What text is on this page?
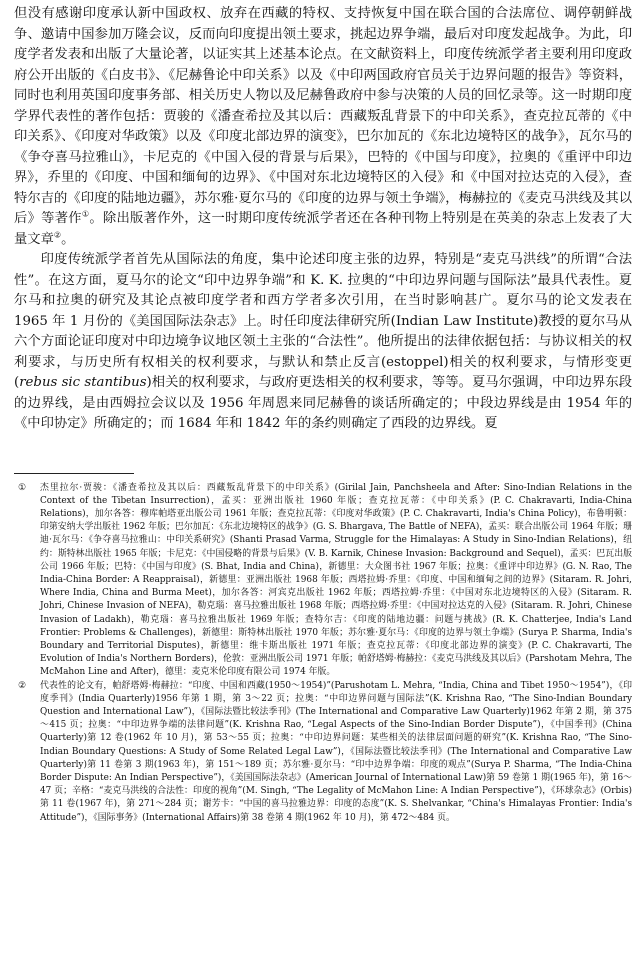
但没有感谢印度承认新中国政权、放弃在西藏的特权、支持恢复中国在联合国的合法席位、调停朝鲜战争、邀请中国参加万隆会议，反而向印度提出领土要求，挑起边界争端，最后对印度发起战争。为此，印度学者发表和出版了大量论著，以证实其上述基本论点。在文献资料上，印度传统派学者主要利用印度政府公开出版的《白皮书》、《尼赫鲁论中印关系》以及《中印两国政府官员关于边界问题的报告》等资料，同时也利用英国印度事务部、相关历史人物以及尼赫鲁政府中参与决策的人员的回忆录等。这一时期印度学界代表性的著作包括：贾骏的《潘查希拉及其以后：西藏叛乱背景下的中印关系》，查克拉瓦蒂的《中印关系》、《印度对华政策》以及《印度北部边界的演变》，巴尔加瓦的《东北边境特区的战争》，瓦尔马的《争夺喜马拉雅山》，卡尼克的《中国入侵的背景与后果》，巴特的《中国与印度》，拉奥的《重评中印边界》，乔里的《印度、中国和缅甸的边界》、《中国对东北边境特区的入侵》和《中国对拉达克的入侵》，查特尔吉的《印度的陆地边疆》，苏尔雅·夏尔马的《印度的边界与领土争端》，梅赫拉的《麦克马洪线及其以后》等著作①。除出版著作外，这一时期印度传统派学者还在各种刊物上特别是在英美的杂志上发表了大量文章②。

印度传统派学者首先从国际法的角度，集中论述印度主张的边界，特别是“麦克马洪线”的所谓“合法性”。在这方面，夏马尔的论文“印中边界争端”和 K. K. 拉奥的“中印边界问题与国际法”最具代表性。夏尔马和拉奥的研究及其论点被印度学者和西方学者多次引用，在当时影响甚广。夏尔马的论文发表在 1965 年 1 月份的《美国国际法杂志》上。时任印度法律研究所(Indian Law Institute)教授的夏尔马从六个方面论证印度对中印边境争议地区领土主张的“合法性”。他所提出的法律依据包括：与协议相关的权利要求，与历史所有权相关的权利要求，与默认和禁止反言(estoppel)相关的权利要求，与情形变更(rebus sic stantibus)相关的权利要求，与政府更迭相关的权利要求，等等。夏马尔强调，中印边界东段的边界线，是由西姆拉会议以及 1956 年周恩来同尼赫鲁的谈话所确定的；中段边界线是由 1954 年的《中印协定》所确定的；而 1684 年和 1842 年的条约则确定了西段的边界线。夏

①	杰里拉尔·贾骏：《潘查希拉及其以后：西藏叛乱背景下的中印关系》(Girilal Jain, Panchsheela and After: Sino-Indian Relations in the Context of the Tibetan Insurrection)，孟买：亚洲出版社 1960 年版；查克拉瓦蒂：《中印关系》(P. C. Chakravarti, India-China Relations)，加尔各答：穆库帕塔亚出版公司 1961 年版；查克拉瓦蒂：《印度对华政策》(P. C. Chakravarti, India's China Policy)，布鲁明顿：印第安纳大学出版社 1962 年版；巴尔加瓦：《东北边境特区的战争》(G. S. Bhargava, The Battle of NEFA)，孟买：联合出版公司 1964 年版；珊迪·瓦尔马：《争夺喜马拉雅山：中印关系研究》(Shanti Prasad Varma, Struggle for the Himalayas: A Study in Sino-Indian Relations)，纽约：斯特林出版社 1965 年版；卡尼克：《中国侵略的背景与后果》(V. B. Karnik, Chinese Invasion: Background and Sequel)，孟买：巴瓦出版公司 1966 年版；巴特：《中国与印度》(S. Bhat, India and China)，新德里：大众图书社 1967 年版；拉奥：《重评中印边界》(G. N. Rao, The India-China Border: A Reappraisal)，新德里：亚洲出版社 1968 年版；西塔拉姆·乔里：《印度、中国和缅甸之间的边界》(Sitaram. R. Johri, Where India, China and Burma Meet)，加尔各答：河宾克出版社 1962 年版；西塔拉姆·乔里：《中国对东北边境特区的入侵》(Sitaram. R. Johri, Chinese Invasion of NEFA)，勒克瑙：喜马拉雅出版社 1968 年版；西塔拉姆·乔里：《中国对拉达克的入侵》(Sitaram. R. Johri, Chinese Invasion of Ladakh)，勒克瑙：喜马拉雅出版社 1969 年版；查特尔吉：《印度的陆地边疆：问题与挑战》(R. K. Chatterjee, India's Land Frontier: Problems & Challenges)，新德里：斯特林出版社 1970 年版；苏尔雅·夏尔马：《印度的边界与领土争端》(Surya P. Sharma, India's Boundary and Territorial Disputes)，新德里：维卡斯出版社 1971 年版；查克拉瓦蒂：《印度北部边界的演变》(P. C. Chakravarti, The Evolution of India's Northern Borders)，伦敦：亚洲出版公司 1971 年版；帕舒塔姆·梅赫拉：《麦克马洪线及其以后》(Parshotam Mehra, The McMahon Line and After)，德里：麦克米伦印度有限公司 1974 年版。
②	代表性的论文有，帕舒塔姆·梅赫拉：“印度、中国和西藏(1950～1954)”(Parushotam L. Mehra, “India, China and Tibet 1950～1954”)，《印度季刊》(India Quarterly)1956 年第 1 期，第 3～22 页；拉奥：“中印边界问题与国际法”(K. Krishna Rao, “The Sino-Indian Boundary Question and International Law”)，《国际法暨比较法季刊》(The International and Comparative Law Quarterly)1962 年第 2 期，第 375～415 页；拉奥：“中印边界争端的法律问题”(K. Krishna Rao, “Legal Aspects of the Sino-Indian Border Dispute”)，《中国季刊》(China Quarterly)第 12 卷(1962 年 10 月)，第 53～55 页；拉奥：“中印边界问题：某些相关的法律层面问题的研究”(K. Krishna Rao, “The Sino-Indian Boundary Questions: A Study of Some Related Legal Law”)，《国际法暨比较法季刊》(The International and Comparative Law Quarterly)第 11 卷第 3 期(1963 年)，第 151～189 页；苏尔雅·夏尔马：“印中边界争端：印度的观点”(Surya P. Sharma, “The India-China Border Dispute: An Indian Perspective”)，《美国国际法杂志》(American Journal of International Law)第 59 卷第 1 期(1965 年)，第 16～47 页；辛格：“麦克马洪线的合法性：印度的视角”(M. Singh, “The Legality of McMahon Line: A Indian Perspective”)，《环球杂志》(Orbis)第 11 卷(1967 年)，第 271～284 页；谢芳卡：“中国的喜马拉雅边界：印度的态度”(K. S. Shelvankar, “China's Himalayas Frontier: India's Attitude”)，《国际事务》(International Affairs)第 38 卷第 4 期(1962 年 10 月)，第 472～484 页。
